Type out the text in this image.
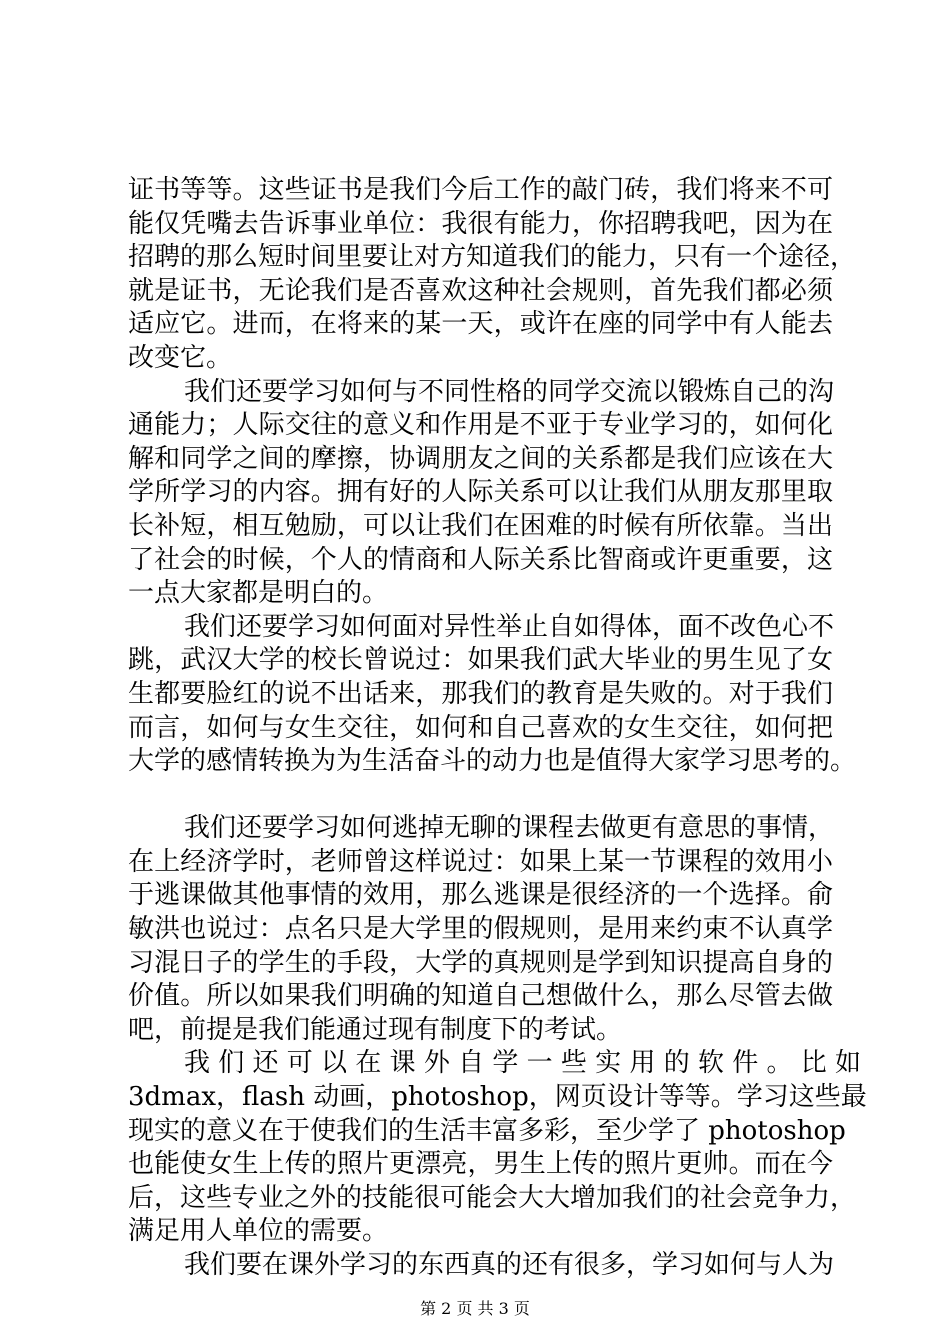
证书等等。这些证书是我们今后工作的敲门砖，我们将来不可
能仅凭嘴去告诉事业单位：我很有能力，你招聘我吧，因为在
招聘的那么短时间里要让对方知道我们的能力，只有一个途径，
就是证书，无论我们是否喜欢这种社会规则，首先我们都必须
适应它。进而，在将来的某一天，或许在座的同学中有人能去
改变它。
我们还要学习如何与不同性格的同学交流以锻炼自己的沟
通能力；人际交往的意义和作用是不亚于专业学习的，如何化
解和同学之间的摩擦，协调朋友之间的关系都是我们应该在大
学所学习的内容。拥有好的人际关系可以让我们从朋友那里取
长补短，相互勉励，可以让我们在困难的时候有所依靠。当出
了社会的时候，个人的情商和人际关系比智商或许更重要，这
一点大家都是明白的。
我们还要学习如何面对异性举止自如得体，面不改色心不
跳，武汉大学的校长曾说过：如果我们武大毕业的男生见了女
生都要脸红的说不出话来，那我们的教育是失败的。对于我们
而言，如何与女生交往，如何和自己喜欢的女生交往，如何把
大学的感情转换为为生活奋斗的动力也是值得大家学习思考的。
我们还要学习如何逃掉无聊的课程去做更有意思的事情，
在上经济学时，老师曾这样说过：如果上某一节课程的效用小
于逃课做其他事情的效用，那么逃课是很经济的一个选择。俞
敏洪也说过：点名只是大学里的假规则，是用来约束不认真学
习混日子的学生的手段，大学的真规则是学到知识提高自身的
价值。所以如果我们明确的知道自己想做什么，那么尽管去做
吧，前提是我们能通过现有制度下的考试。
我 们 还 可 以 在 课 外 自 学 一 些 实 用 的 软 件 。 比 如
3dmax，flash 动画，photoshop，网页设计等等。学习这些最
现实的意义在于使我们的生活丰富多彩，至少学了 photoshop
也能使女生上传的照片更漂亮，男生上传的照片更帅。而在今
后，这些专业之外的技能很可能会大大增加我们的社会竞争力，
满足用人单位的需要。
我们要在课外学习的东西真的还有很多，学习如何与人为
第 2 页 共 3 页
